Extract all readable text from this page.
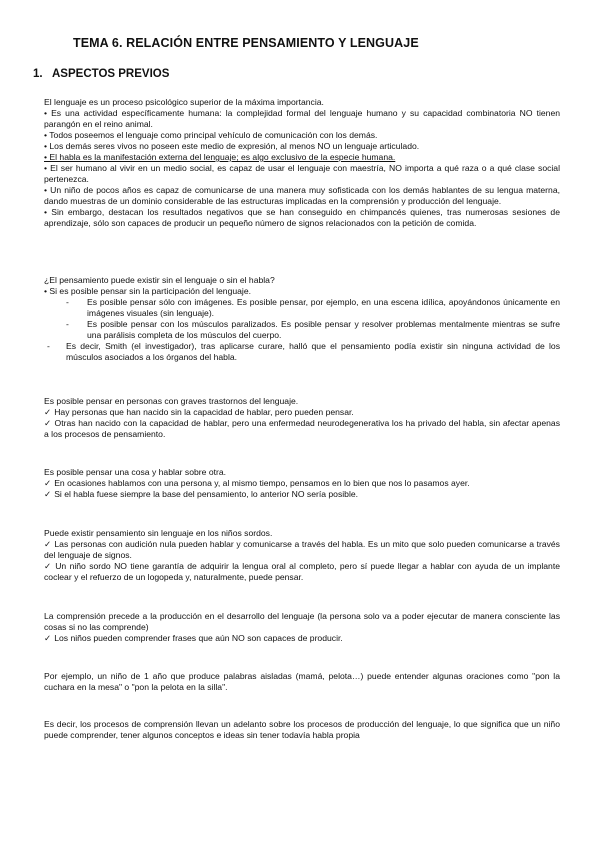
TEMA 6. RELACIÓN ENTRE PENSAMIENTO Y LENGUAJE
1. ASPECTOS PREVIOS

El lenguaje es un proceso psicológico superior de la máxima importancia.

• Es una actividad específicamente humana: la complejidad formal del lenguaje humano y su capacidad combinatoria NO tienen parangón en el reino animal.

• Todos poseemos el lenguaje como principal vehículo de comunicación con los demás.

• Los demás seres vivos no poseen este medio de expresión, al menos NO un lenguaje articulado.

• El habla es la manifestación externa del lenguaje; es algo exclusivo de la especie humana.

• El ser humano al vivir en un medio social, es capaz de usar el lenguaje con maestría, NO importa a qué raza o a qué clase social pertenezca.

• Un niño de pocos años es capaz de comunicarse de una manera muy sofisticada con los demás hablantes de su lengua materna, dando muestras de un dominio considerable de las estructuras implicadas en la comprensión y producción del lenguaje.

• Sin embargo, destacan los resultados negativos que se han conseguido en chimpancés quienes, tras numerosas sesiones de aprendizaje, sólo son capaces de producir un pequeño número de signos relacionados con la petición de comida.

¿El pensamiento puede existir sin el lenguaje o sin el habla?

• Si es posible pensar sin la participación del lenguaje.

- Es posible pensar sólo con imágenes. Es posible pensar, por ejemplo, en una escena idílica, apoyándonos únicamente en imágenes visuales (sin lenguaje).

- Es posible pensar con los músculos paralizados. Es posible pensar y resolver problemas mentalmente mientras se sufre una parálisis completa de los músculos del cuerpo.

- Es decir, Smith (el investigador), tras aplicarse curare, halló que el pensamiento podía existir sin ninguna actividad de los músculos asociados a los órganos del habla.

Es posible pensar en personas con graves trastornos del lenguaje.

✓ Hay personas que han nacido sin la capacidad de hablar, pero pueden pensar.

✓ Otras han nacido con la capacidad de hablar, pero una enfermedad neurodegenerativa los ha privado del habla, sin afectar apenas a los procesos de pensamiento.

Es posible pensar una cosa y hablar sobre otra.

✓ En ocasiones hablamos con una persona y, al mismo tiempo, pensamos en lo bien que nos lo pasamos ayer.

✓ Si el habla fuese siempre la base del pensamiento, lo anterior NO sería posible.

Puede existir pensamiento sin lenguaje en los niños sordos.

✓ Las personas con audición nula pueden hablar y comunicarse a través del habla. Es un mito que solo pueden comunicarse a través del lenguaje de signos.

✓ Un niño sordo NO tiene garantía de adquirir la lengua oral al completo, pero sí puede llegar a hablar con ayuda de un implante coclear y el refuerzo de un logopeda y, naturalmente, puede pensar.

La comprensión precede a la producción en el desarrollo del lenguaje (la persona solo va a poder ejecutar de manera consciente las cosas si no las comprende)

✓ Los niños pueden comprender frases que aún NO son capaces de producir.

Por ejemplo, un niño de 1 año que produce palabras aisladas (mamá, pelota…) puede entender algunas oraciones como "pon la cuchara en la mesa" o "pon la pelota en la silla".

Es decir, los procesos de comprensión llevan un adelanto sobre los procesos de producción del lenguaje, lo que significa que un niño puede comprender, tener algunos conceptos e ideas sin tener todavía habla propia
